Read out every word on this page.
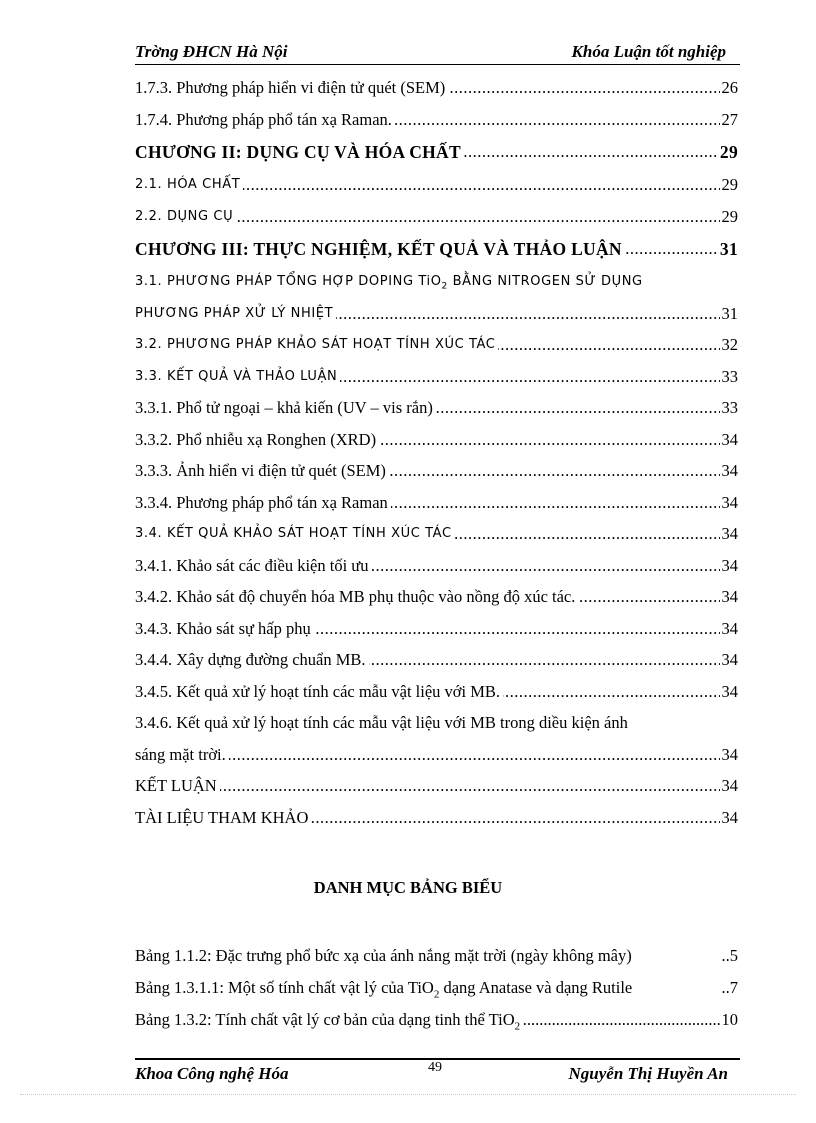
Trờng ĐHCN Hà Nội	Khóa Luận tốt nghiệp
.....
1.7.3. Phương pháp hiển vi điện tử quét (SEM)	26
.....
1.7.4. Phương pháp phổ tán xạ Raman.	27
.....
CHƯƠNG II: DỤNG CỤ VÀ HÓA CHẤT	29
.....
2.1. HÓA CHẤT	29
.....
2.2. DỤNG CỤ	29
.....
CHƯƠNG III: THỰC NGHIỆM, KẾT QUẢ VÀ THẢO LUẬN	31
3.1. PHƯƠNG PHÁP TỔNG HỢP DOPING TiO$_2$ BẰNG NITROGEN SỬ DỤNG
.....
PHƯƠNG PHÁP XỬ LÝ NHIỆT	31
.....
3.2. PHƯƠNG PHÁP KHẢO SÁT HOẠT TÍNH XÚC TÁC	32
.....
3.3. KẾT QUẢ VÀ THẢO LUẬN	33
.....
3.3.1. Phổ tử ngoại – khả kiến (UV – vis rắn)	33
.....
3.3.2. Phổ nhiễu xạ Ronghen (XRD)	34
.....
3.3.3. Ảnh hiển vi điện tử quét (SEM)	34
.....
3.3.4. Phương pháp phổ tán xạ Raman	34
.....
3.4. KẾT QUẢ KHẢO SÁT HOẠT TÍNH XÚC TÁC	34
.....
3.4.1. Khảo sát các điều kiện tối ưu	34
.....
3.4.2. Khảo sát độ chuyển hóa MB phụ thuộc vào nồng độ xúc tác.	34
.....
3.4.3. Khảo sát sự hấp phụ	34
.....
3.4.4. Xây dựng đường chuẩn MB.	34
.....
3.4.5. Kết quả xử lý hoạt tính các mẫu vật liệu với MB.	34
3.4.6. Kết quả xử lý hoạt tính các mẫu vật liệu với MB trong diều kiện ánh
.....
sáng mặt trời.	34
.....
KẾT LUẬN	34
.....
TÀI LIỆU THAM KHẢO	34
DANH MỤC BẢNG BIỂU
Bảng 1.1.2: Đặc trưng phổ bức xạ của ánh nắng mặt trời (ngày không mây)	..5
Bảng 1.3.1.1: Một số tính chất vật lý của TiO$_2$ dạng Anatase và dạng Rutile	..7
.....
Bảng 1.3.2: Tính chất vật lý cơ bản của dạng tinh thể TiO$_2$	10
Khoa Công nghệ Hóa	49	Nguyễn Thị Huyền An
